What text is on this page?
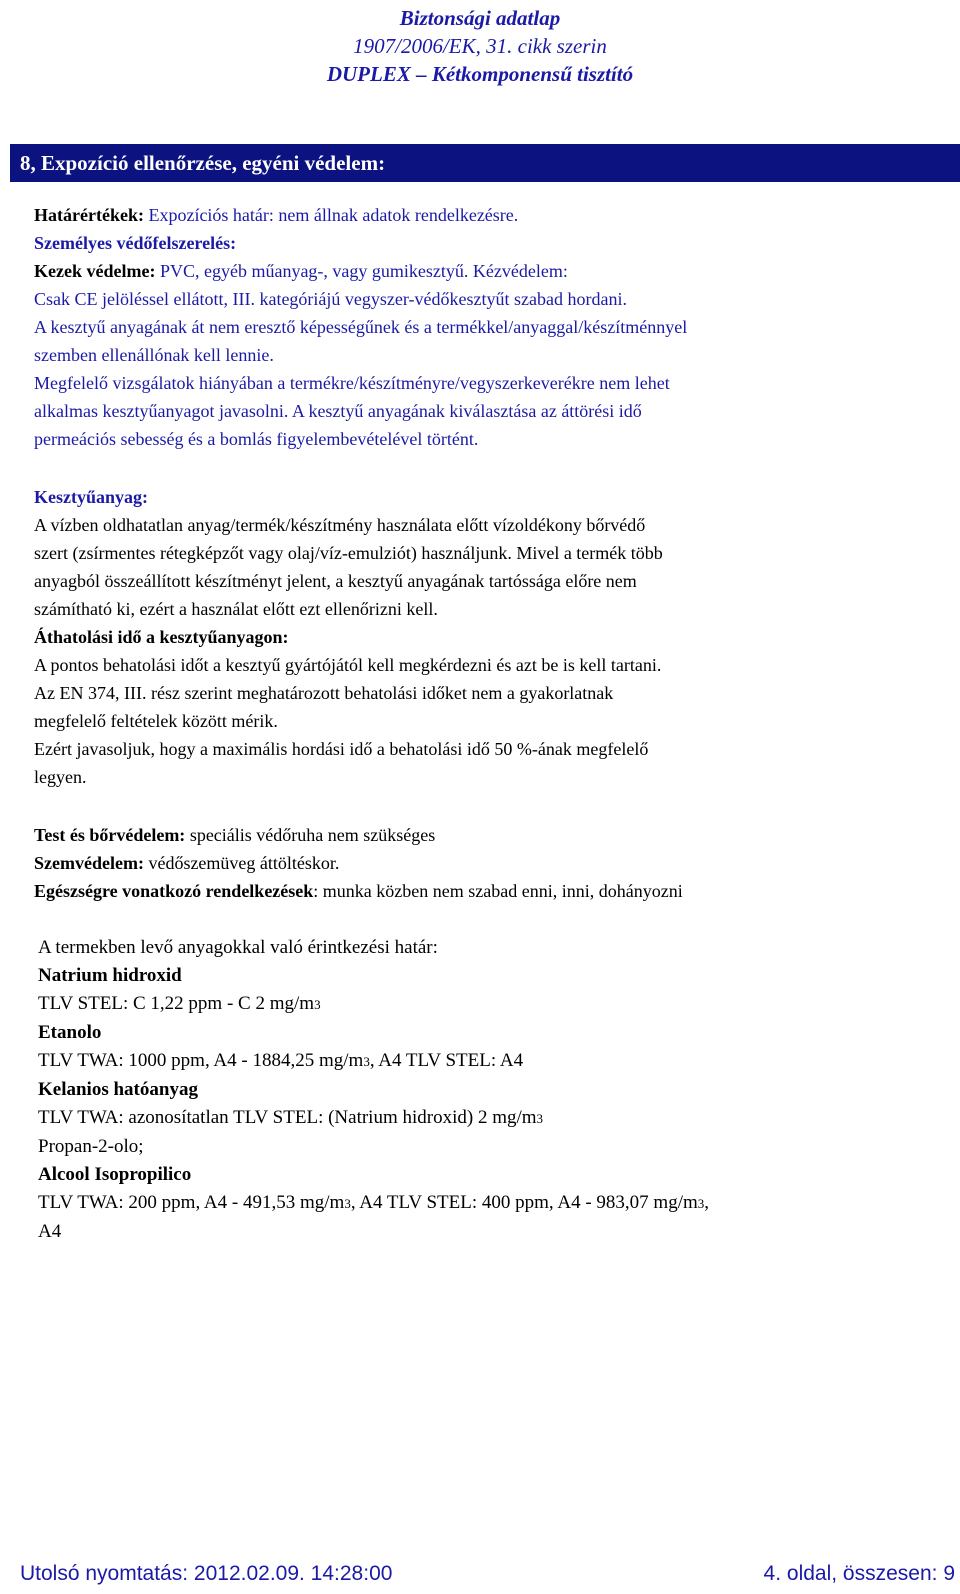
Biztonsági adatlap
1907/2006/EK, 31. cikk szerin
DUPLEX – Kétkomponensű tisztító
8, Expozíció ellenőrzése, egyéni védelem:
Határértékek: Expozíciós határ: nem állnak adatok rendelkezésre.
Személyes védőfelszerelés:
Kezek védelme: PVC, egyéb műanyag-, vagy gumikesztyű. Kézvédelem:
Csak CE jelöléssel ellátott, III. kategóriájú vegyszer-védőkesztyűt szabad hordani.
A kesztyű anyagának át nem eresztő képességűnek és a termékkel/anyaggal/készítménnyel
szemben ellenállónak kell lennie.
Megfelelő vizsgálatok hiányában a termékre/készítményre/vegyszerkeverékre nem lehet
alkalmas kesztyűanyagot javasolni. A kesztyű anyagának kiválasztása az áttörési idő
permeációs sebesség és a bomlás figyelembevételével történt.
Kesztyűanyag:
A vízben oldhatatlan anyag/termék/készítmény használata előtt vízoldékony bőrvédő
szert (zsírmentes rétegképzőt vagy olaj/víz-emulziót) használjunk. Mivel a termék több
anyagból összeállított készítményt jelent, a kesztyű anyagának tartóssága előre nem
számítható ki, ezért a használat előtt ezt ellenőrizni kell.
Áthatolási idő a kesztyűanyagon:
A pontos behatolási időt a kesztyű gyártójától kell megkérdezni és azt be is kell tartani.
Az EN 374, III. rész szerint meghatározott behatolási időket nem a gyakorlatnak
megfelelő feltételek között mérik.
Ezért javasoljuk, hogy a maximális hordási idő a behatolási idő 50 %-ának megfelelő
legyen.
Test és bőrvédelem: speciális védőruha nem szükséges
Szemvédelem: védőszemüveg áttöltéskor.
Egészségre vonatkozó rendelkezések: munka közben nem szabad enni, inni, dohányozni
A termekben levő anyagokkal való érintkezési határ:
Natrium hidroxid
TLV STEL: C 1,22 ppm - C 2 mg/m3
Etanolo
TLV TWA: 1000 ppm, A4 - 1884,25 mg/m3, A4 TLV STEL: A4
Kelanios hatóanyag
TLV TWA: azonosítatlan TLV STEL: (Natrium hidroxid) 2 mg/m3
Propan-2-olo;
Alcool Isopropilico
TLV TWA: 200 ppm, A4 - 491,53 mg/m3, A4 TLV STEL: 400 ppm, A4 - 983,07 mg/m3,
A4
Utolsó nyomtatás: 2012.02.09. 14:28:00	4. oldal, összesen: 9
